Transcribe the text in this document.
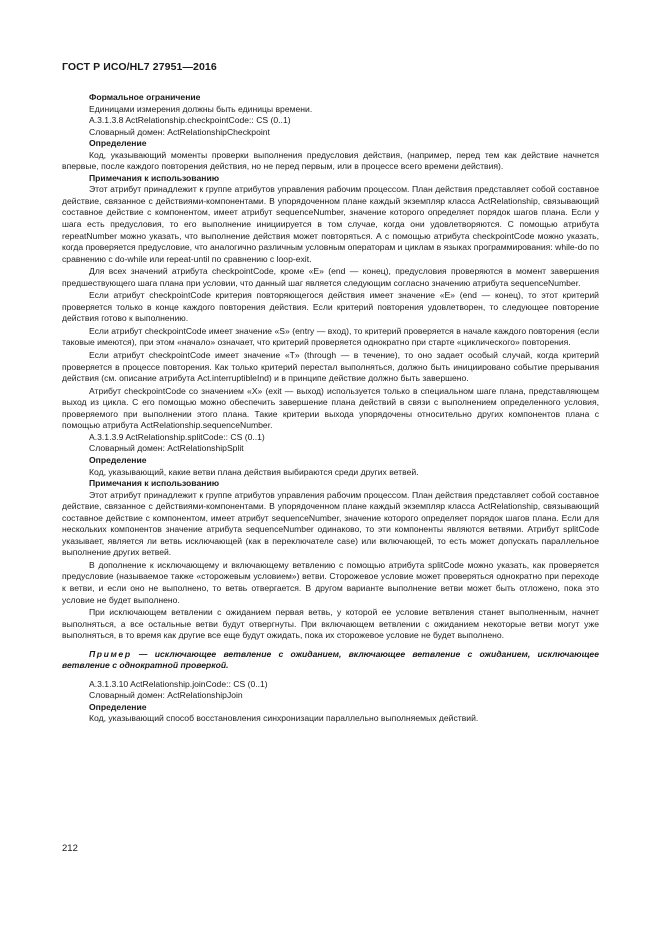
ГОСТ Р ИСО/HL7 27951—2016
Формальное ограничение
Единицами измерения должны быть единицы времени.
A.3.1.3.8 ActRelationship.checkpointCode:: CS (0..1)
Словарный домен: ActRelationshipCheckpoint
Определение

Код, указывающий моменты проверки выполнения предусловия действия, (например, перед тем как действие начнется впервые, после каждого повторения действия, но не перед первым, или в процессе всего времени действия).

Примечания к использованию

Этот атрибут принадлежит к группе атрибутов управления рабочим процессом. План действия представляет собой составное действие, связанное с действиями-компонентами. В упорядоченном плане каждый экземпляр класса ActRelationship, связывающий составное действие с компонентом, имеет атрибут sequenceNumber, значение которого определяет порядок шагов плана. Если у шага есть предусловия, то его выполнение инициируется в том случае, когда они удовлетворяются. С помощью атрибута repeatNumber можно указать, что выполнение действия может повторяться. А с помощью атрибута checkpointCode можно указать, когда проверяется предусловие, что аналогично различным условным операторам и циклам в языках программирования: while-do по сравнению с do-while или repeat-until по сравнению с loop-exit.

Для всех значений атрибута checkpointCode, кроме «E» (end — конец), предусловия проверяются в момент завершения предшествующего шага плана при условии, что данный шаг является следующим согласно значению атрибута sequenceNumber.

Если атрибут checkpointCode критерия повторяющегося действия имеет значение «E» (end — конец), то этот критерий проверяется только в конце каждого повторения действия. Если критерий повторения удовлетворен, то следующее повторение действия готово к выполнению.

Если атрибут checkpointCode имеет значение «S» (entry — вход), то критерий проверяется в начале каждого повторения (если таковые имеются), при этом «начало» означает, что критерий проверяется однократно при старте «циклического» повторения.

Если атрибут checkpointCode имеет значение «T» (through — в течение), то оно задает особый случай, когда критерий проверяется в процессе повторения. Как только критерий перестал выполняться, должно быть инициировано событие прерывания действия (см. описание атрибута Act.interruptibleInd) и в принципе действие должно быть завершено.

Атрибут checkpointCode со значением «X» (exit — выход) используется только в специальном шаге плана, представляющем выход из цикла. С его помощью можно обеспечить завершение плана действий в связи с выполнением определенного условия, проверяемого при выполнении этого плана. Такие критерии выхода упорядочены относительно других компонентов плана с помощью атрибута ActRelationship.sequenceNumber.

A.3.1.3.9 ActRelationship.splitCode:: CS (0..1)
Словарный домен: ActRelationshipSplit
Определение
Код, указывающий, какие ветви плана действия выбираются среди других ветвей.
Примечания к использованию

Этот атрибут принадлежит к группе атрибутов управления рабочим процессом. План действия представляет собой составное действие, связанное с действиями-компонентами. В упорядоченном плане каждый экземпляр класса ActRelationship, связывающий составное действие с компонентом, имеет атрибут sequenceNumber, значение которого определяет порядок шагов плана. Если для нескольких компонентов значение атрибута sequenceNumber одинаково, то эти компоненты являются ветвями. Атрибут splitCode указывает, является ли ветвь исключающей (как в переключателе case) или включающей, то есть может допускать параллельное выполнение других ветвей.

В дополнение к исключающему и включающему ветвлению с помощью атрибута splitCode можно указать, как проверяется предусловие (называемое также «сторожевым условием») ветви. Сторожевое условие может проверяться однократно при переходе к ветви, и если оно не выполнено, то ветвь отвергается. В другом варианте выполнение ветви может быть отложено, пока это условие не будет выполнено.

При исключающем ветвлении с ожиданием первая ветвь, у которой ее условие ветвления станет выполненным, начнет выполняться, а все остальные ветви будут отвергнуты. При включающем ветвлении с ожиданием некоторые ветви могут уже выполняться, в то время как другие все еще будут ожидать, пока их сторожевое условие не будет выполнено.

Пример — исключающее ветвление с ожиданием, включающее ветвление с ожиданием, исключающее ветвление с однократной проверкой.

A.3.1.3.10 ActRelationship.joinCode:: CS (0..1)
Словарный домен: ActRelationshipJoin
Определение
Код, указывающий способ восстановления синхронизации параллельно выполняемых действий.
212
